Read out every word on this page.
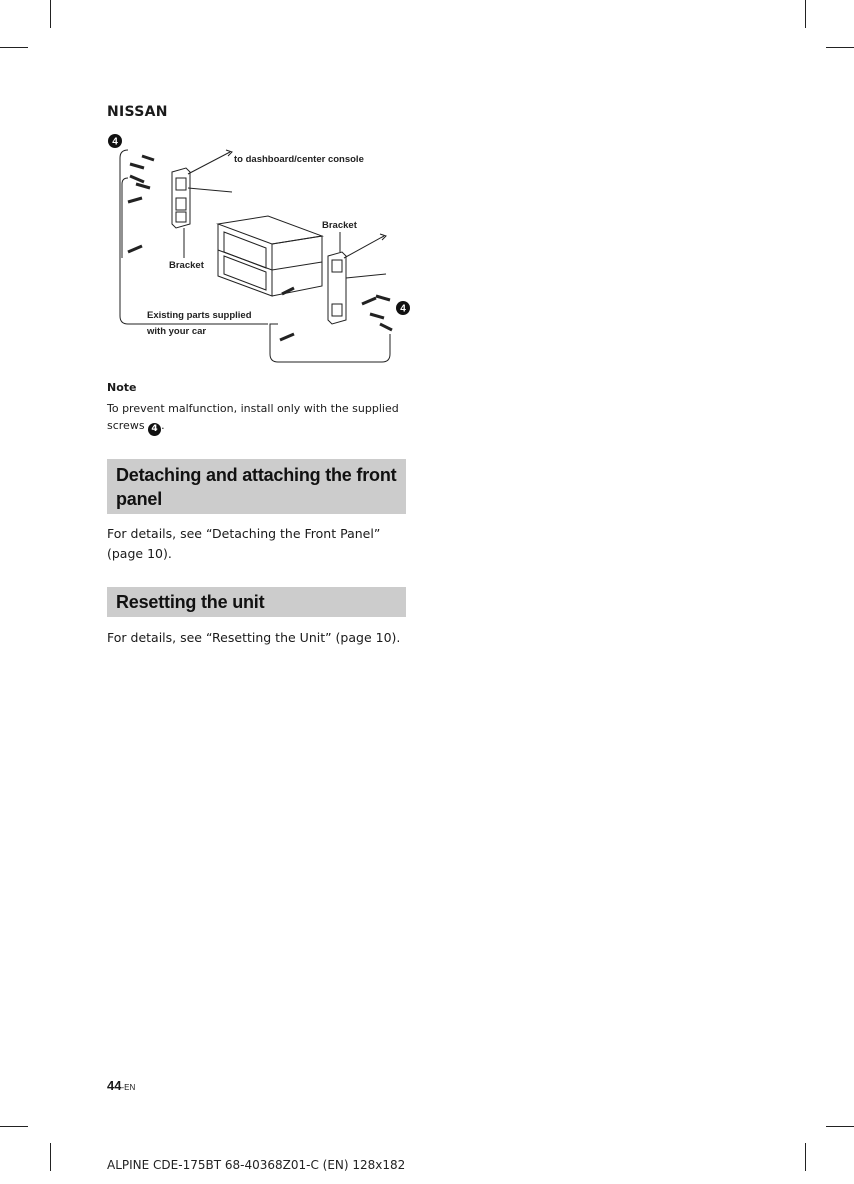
NISSAN
4
4
to dashboard/center console
Bracket
Bracket
Existing parts supplied
with your car
Note
To prevent malfunction, install only with the supplied
screws 4 .
Detaching and attaching the front panel
For details, see “Detaching the Front Panel” (page 10).
Resetting the unit
For details, see “Resetting the Unit” (page 10).
44-EN
ALPINE CDE-175BT 68-40368Z01-C (EN) 128x182
